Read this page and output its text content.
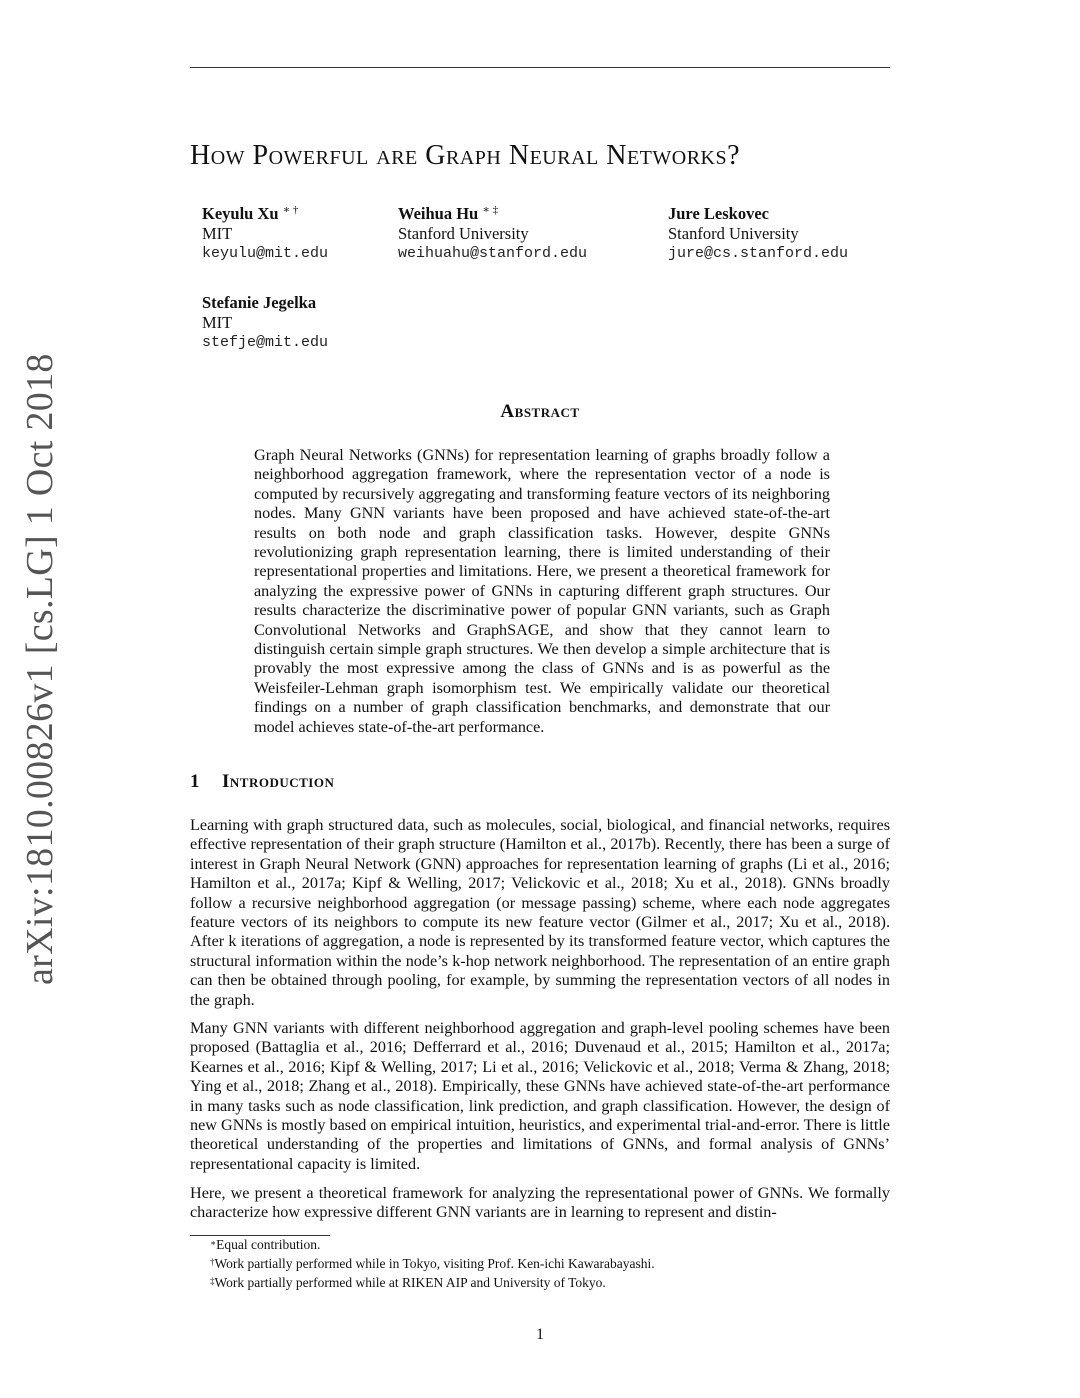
How Powerful are Graph Neural Networks?
Keyulu Xu ∗ †
MIT
keyulu@mit.edu
Weihua Hu ∗ ‡
Stanford University
weihuahu@stanford.edu
Jure Leskovec
Stanford University
jure@cs.stanford.edu
Stefanie Jegelka
MIT
stefje@mit.edu
arXiv:1810.00826v1 [cs.LG] 1 Oct 2018	Abstract

Graph Neural Networks (GNNs) for representation learning of graphs broadly follow a neighborhood aggregation framework, where the representation vector of a node is computed by recursively aggregating and transforming feature vectors of its neighboring nodes. Many GNN variants have been proposed and have achieved state-of-the-art results on both node and graph classification tasks. However, despite GNNs revolutionizing graph representation learning, there is limited understanding of their representational properties and limitations. Here, we present a theoretical framework for analyzing the expressive power of GNNs in capturing different graph structures. Our results characterize the discriminative power of popular GNN variants, such as Graph Convolutional Networks and GraphSAGE, and show that they cannot learn to distinguish certain simple graph structures. We then develop a simple architecture that is provably the most expressive among the class of GNNs and is as powerful as the Weisfeiler-Lehman graph isomorphism test. We empirically validate our theoretical findings on a number of graph classification benchmarks, and demonstrate that our model achieves state-of-the-art performance.

1 Introduction

Learning with graph structured data, such as molecules, social, biological, and financial networks, requires effective representation of their graph structure (Hamilton et al., 2017b). Recently, there has been a surge of interest in Graph Neural Network (GNN) approaches for representation learning of graphs (Li et al., 2016; Hamilton et al., 2017a; Kipf & Welling, 2017; Velickovic et al., 2018; Xu et al., 2018). GNNs broadly follow a recursive neighborhood aggregation (or message passing) scheme, where each node aggregates feature vectors of its neighbors to compute its new feature vector (Gilmer et al., 2017; Xu et al., 2018). After k iterations of aggregation, a node is represented by its transformed feature vector, which captures the structural information within the node’s k-hop network neighborhood. The representation of an entire graph can then be obtained through pooling, for example, by summing the representation vectors of all nodes in the graph.

Many GNN variants with different neighborhood aggregation and graph-level pooling schemes have been proposed (Battaglia et al., 2016; Defferrard et al., 2016; Duvenaud et al., 2015; Hamilton et al., 2017a; Kearnes et al., 2016; Kipf & Welling, 2017; Li et al., 2016; Velickovic et al., 2018; Verma & Zhang, 2018; Ying et al., 2018; Zhang et al., 2018). Empirically, these GNNs have achieved state-of-the-art performance in many tasks such as node classification, link prediction, and graph classification. However, the design of new GNNs is mostly based on empirical intuition, heuristics, and experimental trial-and-error. There is little theoretical understanding of the properties and limitations of GNNs, and formal analysis of GNNs’ representational capacity is limited.

Here, we present a theoretical framework for analyzing the representational power of GNNs. We formally characterize how expressive different GNN variants are in learning to represent and distin-

∗Equal contribution.
†Work partially performed while in Tokyo, visiting Prof. Ken-ichi Kawarabayashi.
‡Work partially performed while at RIKEN AIP and University of Tokyo.
1
